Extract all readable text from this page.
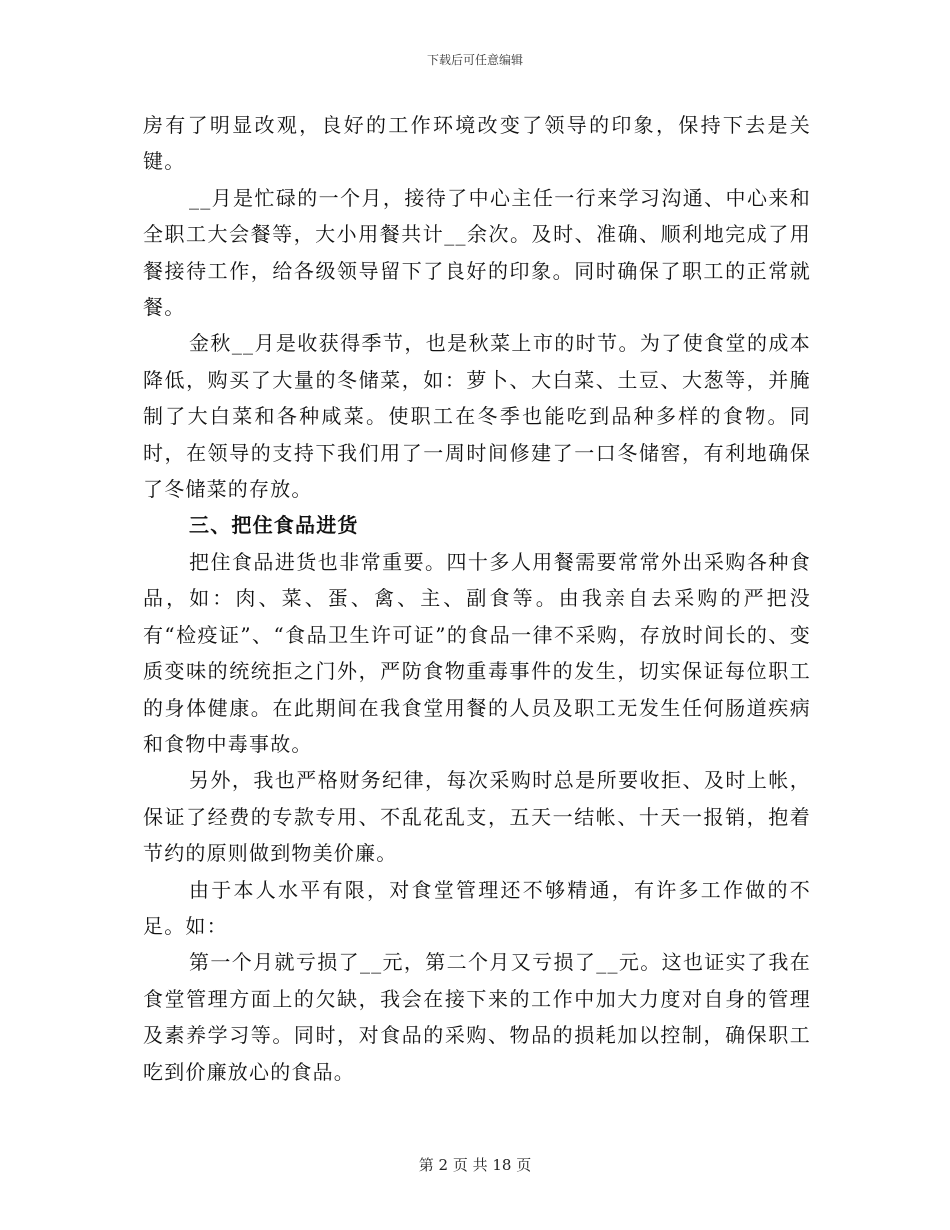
下载后可任意编辑

房有了明显改观，良好的工作环境改变了领导的印象，保持下去是关键。

__月是忙碌的一个月，接待了中心主任一行来学习沟通、中心来和全职工大会餐等，大小用餐共计__余次。及时、准确、顺利地完成了用餐接待工作，给各级领导留下了良好的印象。同时确保了职工的正常就餐。

金秋__月是收获得季节，也是秋菜上市的时节。为了使食堂的成本降低，购买了大量的冬储菜，如：萝卜、大白菜、土豆、大葱等，并腌制了大白菜和各种咸菜。使职工在冬季也能吃到品种多样的食物。同时，在领导的支持下我们用了一周时间修建了一口冬储窖，有利地确保了冬储菜的存放。

三、把住食品进货

把住食品进货也非常重要。四十多人用餐需要常常外出采购各种食品，如：肉、菜、蛋、禽、主、副食等。由我亲自去采购的严把没有“检疫证”、“食品卫生许可证”的食品一律不采购，存放时间长的、变质变味的统统拒之门外，严防食物重毒事件的发生，切实保证每位职工的身体健康。在此期间在我食堂用餐的人员及职工无发生任何肠道疾病和食物中毒事故。

另外，我也严格财务纪律，每次采购时总是所要收拒、及时上帐，保证了经费的专款专用、不乱花乱支，五天一结帐、十天一报销，抱着节约的原则做到物美价廉。

由于本人水平有限，对食堂管理还不够精通，有许多工作做的不足。如：

第一个月就亏损了__元，第二个月又亏损了__元。这也证实了我在食堂管理方面上的欠缺，我会在接下来的工作中加大力度对自身的管理及素养学习等。同时，对食品的采购、物品的损耗加以控制，确保职工吃到价廉放心的食品。

第 2 页 共 18 页
